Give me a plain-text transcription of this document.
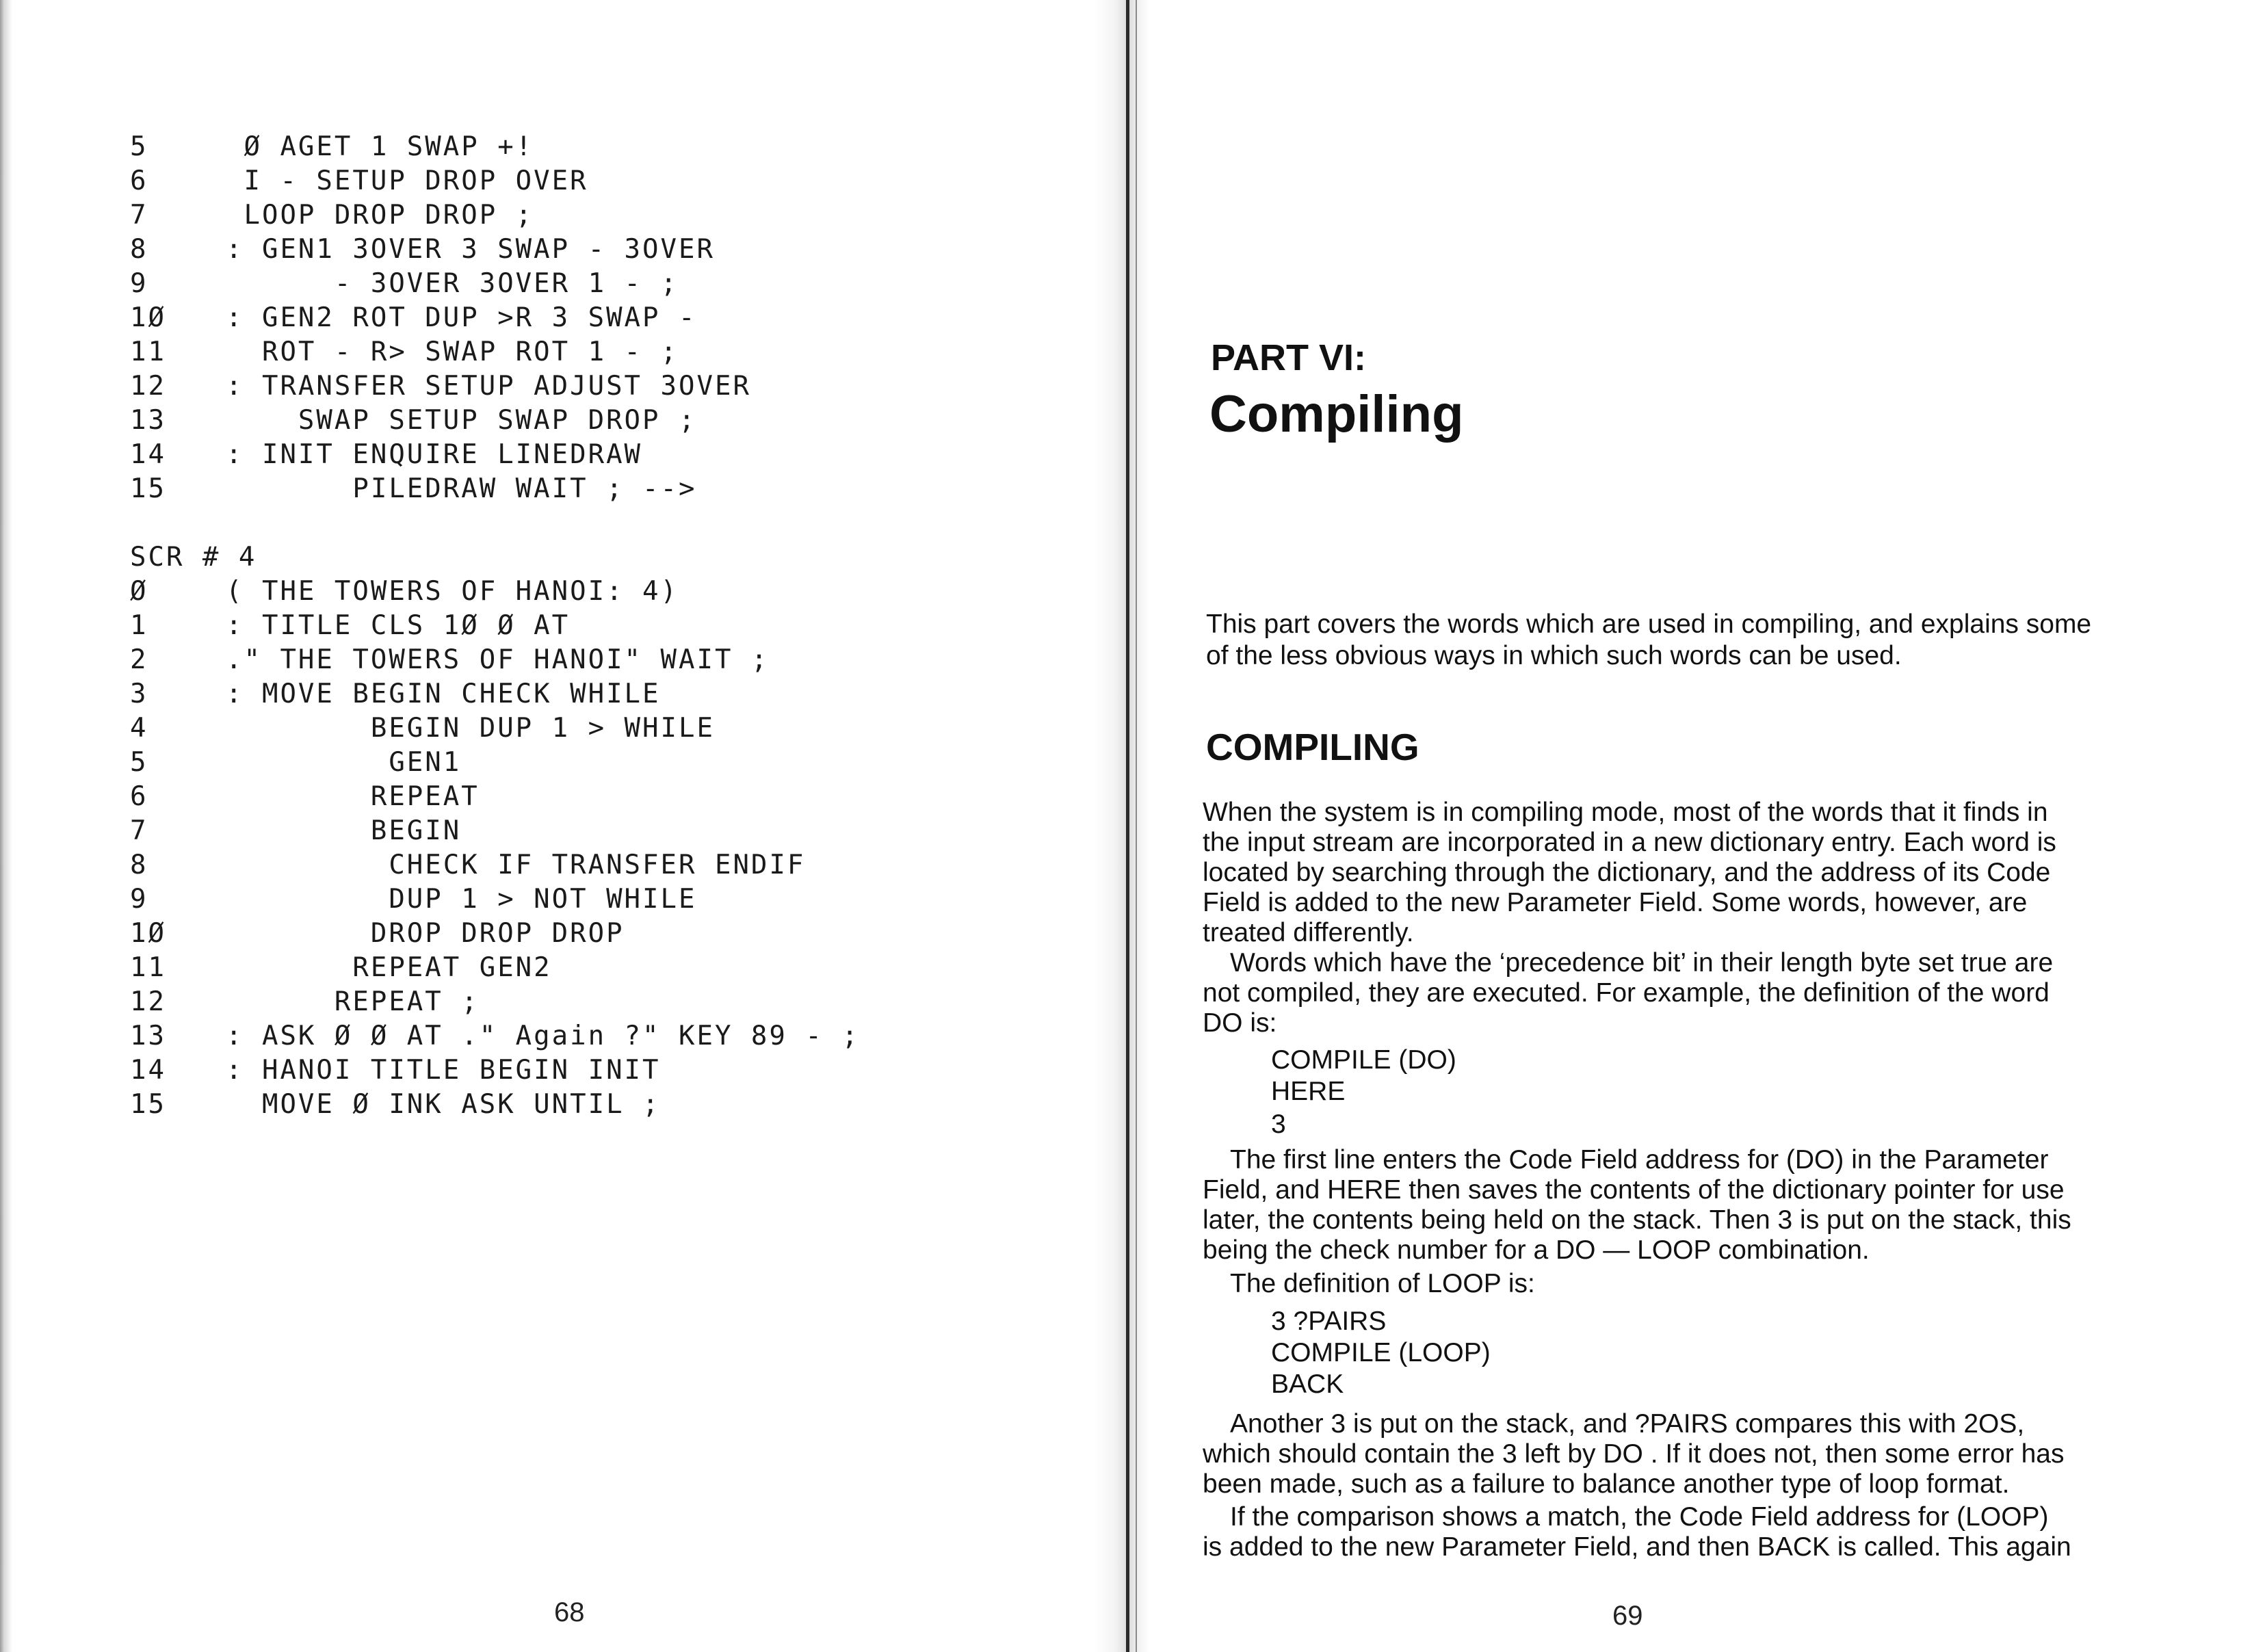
5	Ø AGET 1 SWAP +!
6	I - SETUP DROP OVER
7	LOOP DROP DROP ;
8	: GEN1 3OVER 3 SWAP - 3OVER
9	- 3OVER 3OVER 1 - ;
1Ø : GEN2 ROT DUP >R 3 SWAP -
11  ROT - R> SWAP ROT 1 - ;
12 : TRANSFER SETUP ADJUST 3OVER
13    SWAP SETUP SWAP DROP ;
14 : INIT ENQUIRE LINEDRAW
15       PILEDRAW WAIT ; -->
SCR # 4
Ø	( THE TOWERS OF HANOI: 4)
1	: TITLE CLS 1Ø Ø AT
2	." THE TOWERS OF HANOI" WAIT ;
3	: MOVE BEGIN CHECK WHILE
4	BEGIN DUP 1 > WHILE
5	GEN1
6	REPEAT
7	BEGIN
8	CHECK IF TRANSFER ENDIF
9	DUP 1 > NOT WHILE
1Ø        DROP DROP DROP
11       REPEAT GEN2
12      REPEAT ;
13 : ASK Ø Ø AT ." Again ?" KEY 89 - ;
14 : HANOI TITLE BEGIN INIT
15  MOVE Ø INK ASK UNTIL ;
68
PART VI:
Compiling
This part covers the words which are used in compiling, and explains some of the less obvious ways in which such words can be used.
COMPILING
When the system is in compiling mode, most of the words that it finds in
the input stream are incorporated in a new dictionary entry. Each word is
located by searching through the dictionary, and the address of its Code
Field is added to the new Parameter Field. Some words, however, are
treated differently.
Words which have the ‘precedence bit’ in their length byte set true are
not compiled, they are executed. For example, the definition of the word
DO is:
COMPILE (DO)
HERE
3
The first line enters the Code Field address for (DO) in the Parameter
Field, and HERE then saves the contents of the dictionary pointer for use
later, the contents being held on the stack. Then 3 is put on the stack, this
being the check number for a DO — LOOP combination.
The definition of LOOP is:
3 ?PAIRS
COMPILE (LOOP)
BACK
Another 3 is put on the stack, and ?PAIRS compares this with 2OS,
which should contain the 3 left by DO . If it does not, then some error has
been made, such as a failure to balance another type of loop format.
If the comparison shows a match, the Code Field address for (LOOP)
is added to the new Parameter Field, and then BACK is called. This again
69
